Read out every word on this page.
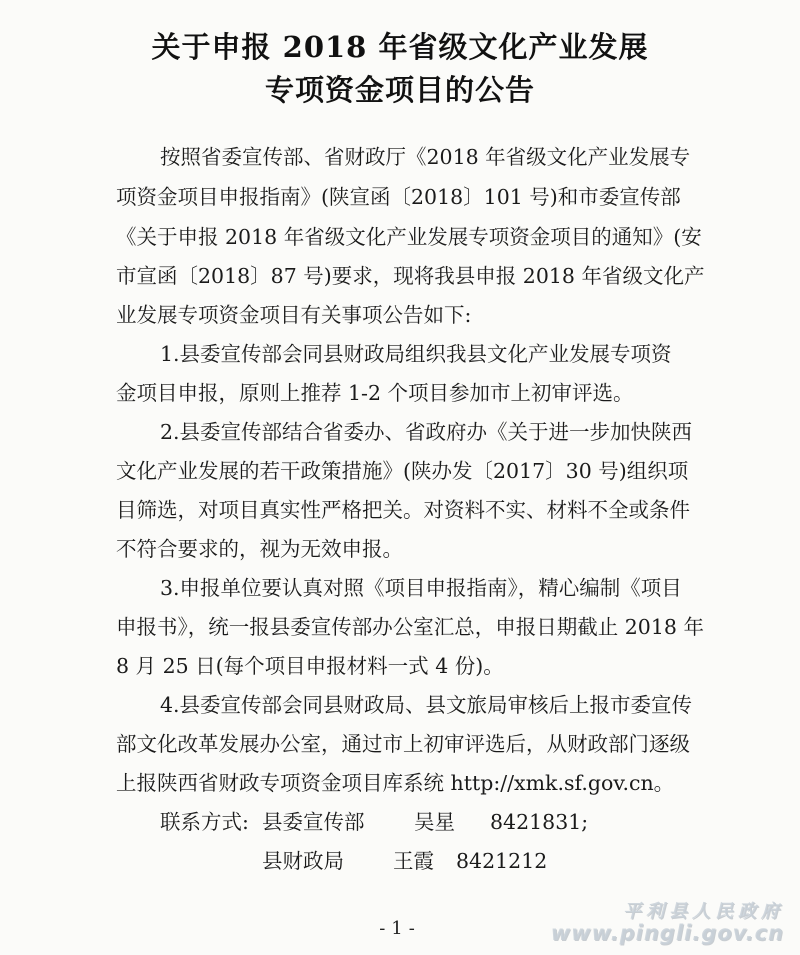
关于申报 2018 年省级文化产业发展
专项资金项目的公告
按照省委宣传部、省财政厅《2018 年省级文化产业发展专
项资金项目申报指南》(陕宣函〔2018〕101 号)和市委宣传部
《关于申报 2018 年省级文化产业发展专项资金项目的通知》(安
市宣函〔2018〕87 号)要求，现将我县申报 2018 年省级文化产
业发展专项资金项目有关事项公告如下:
1.县委宣传部会同县财政局组织我县文化产业发展专项资
金项目申报，原则上推荐 1-2 个项目参加市上初审评选。
2.县委宣传部结合省委办、省政府办《关于进一步加快陕西
文化产业发展的若干政策措施》(陕办发〔2017〕30 号)组织项
目筛选，对项目真实性严格把关。对资料不实、材料不全或条件
不符合要求的，视为无效申报。
3.申报单位要认真对照《项目申报指南》，精心编制《项目
申报书》，统一报县委宣传部办公室汇总，申报日期截止 2018 年
8 月 25 日(每个项目申报材料一式 4 份)。
4.县委宣传部会同县财政局、县文旅局审核后上报市委宣传
部文化改革发展办公室，通过市上初审评选后，从财政部门逐级
上报陕西省财政专项资金项目库系统 http://xmk.sf.gov.cn。
联系方式: 县委宣传部 吴星 8421831;
县财政局 王霞 8421212
-1-
平利县人民政府
www.pingli.gov.cn
